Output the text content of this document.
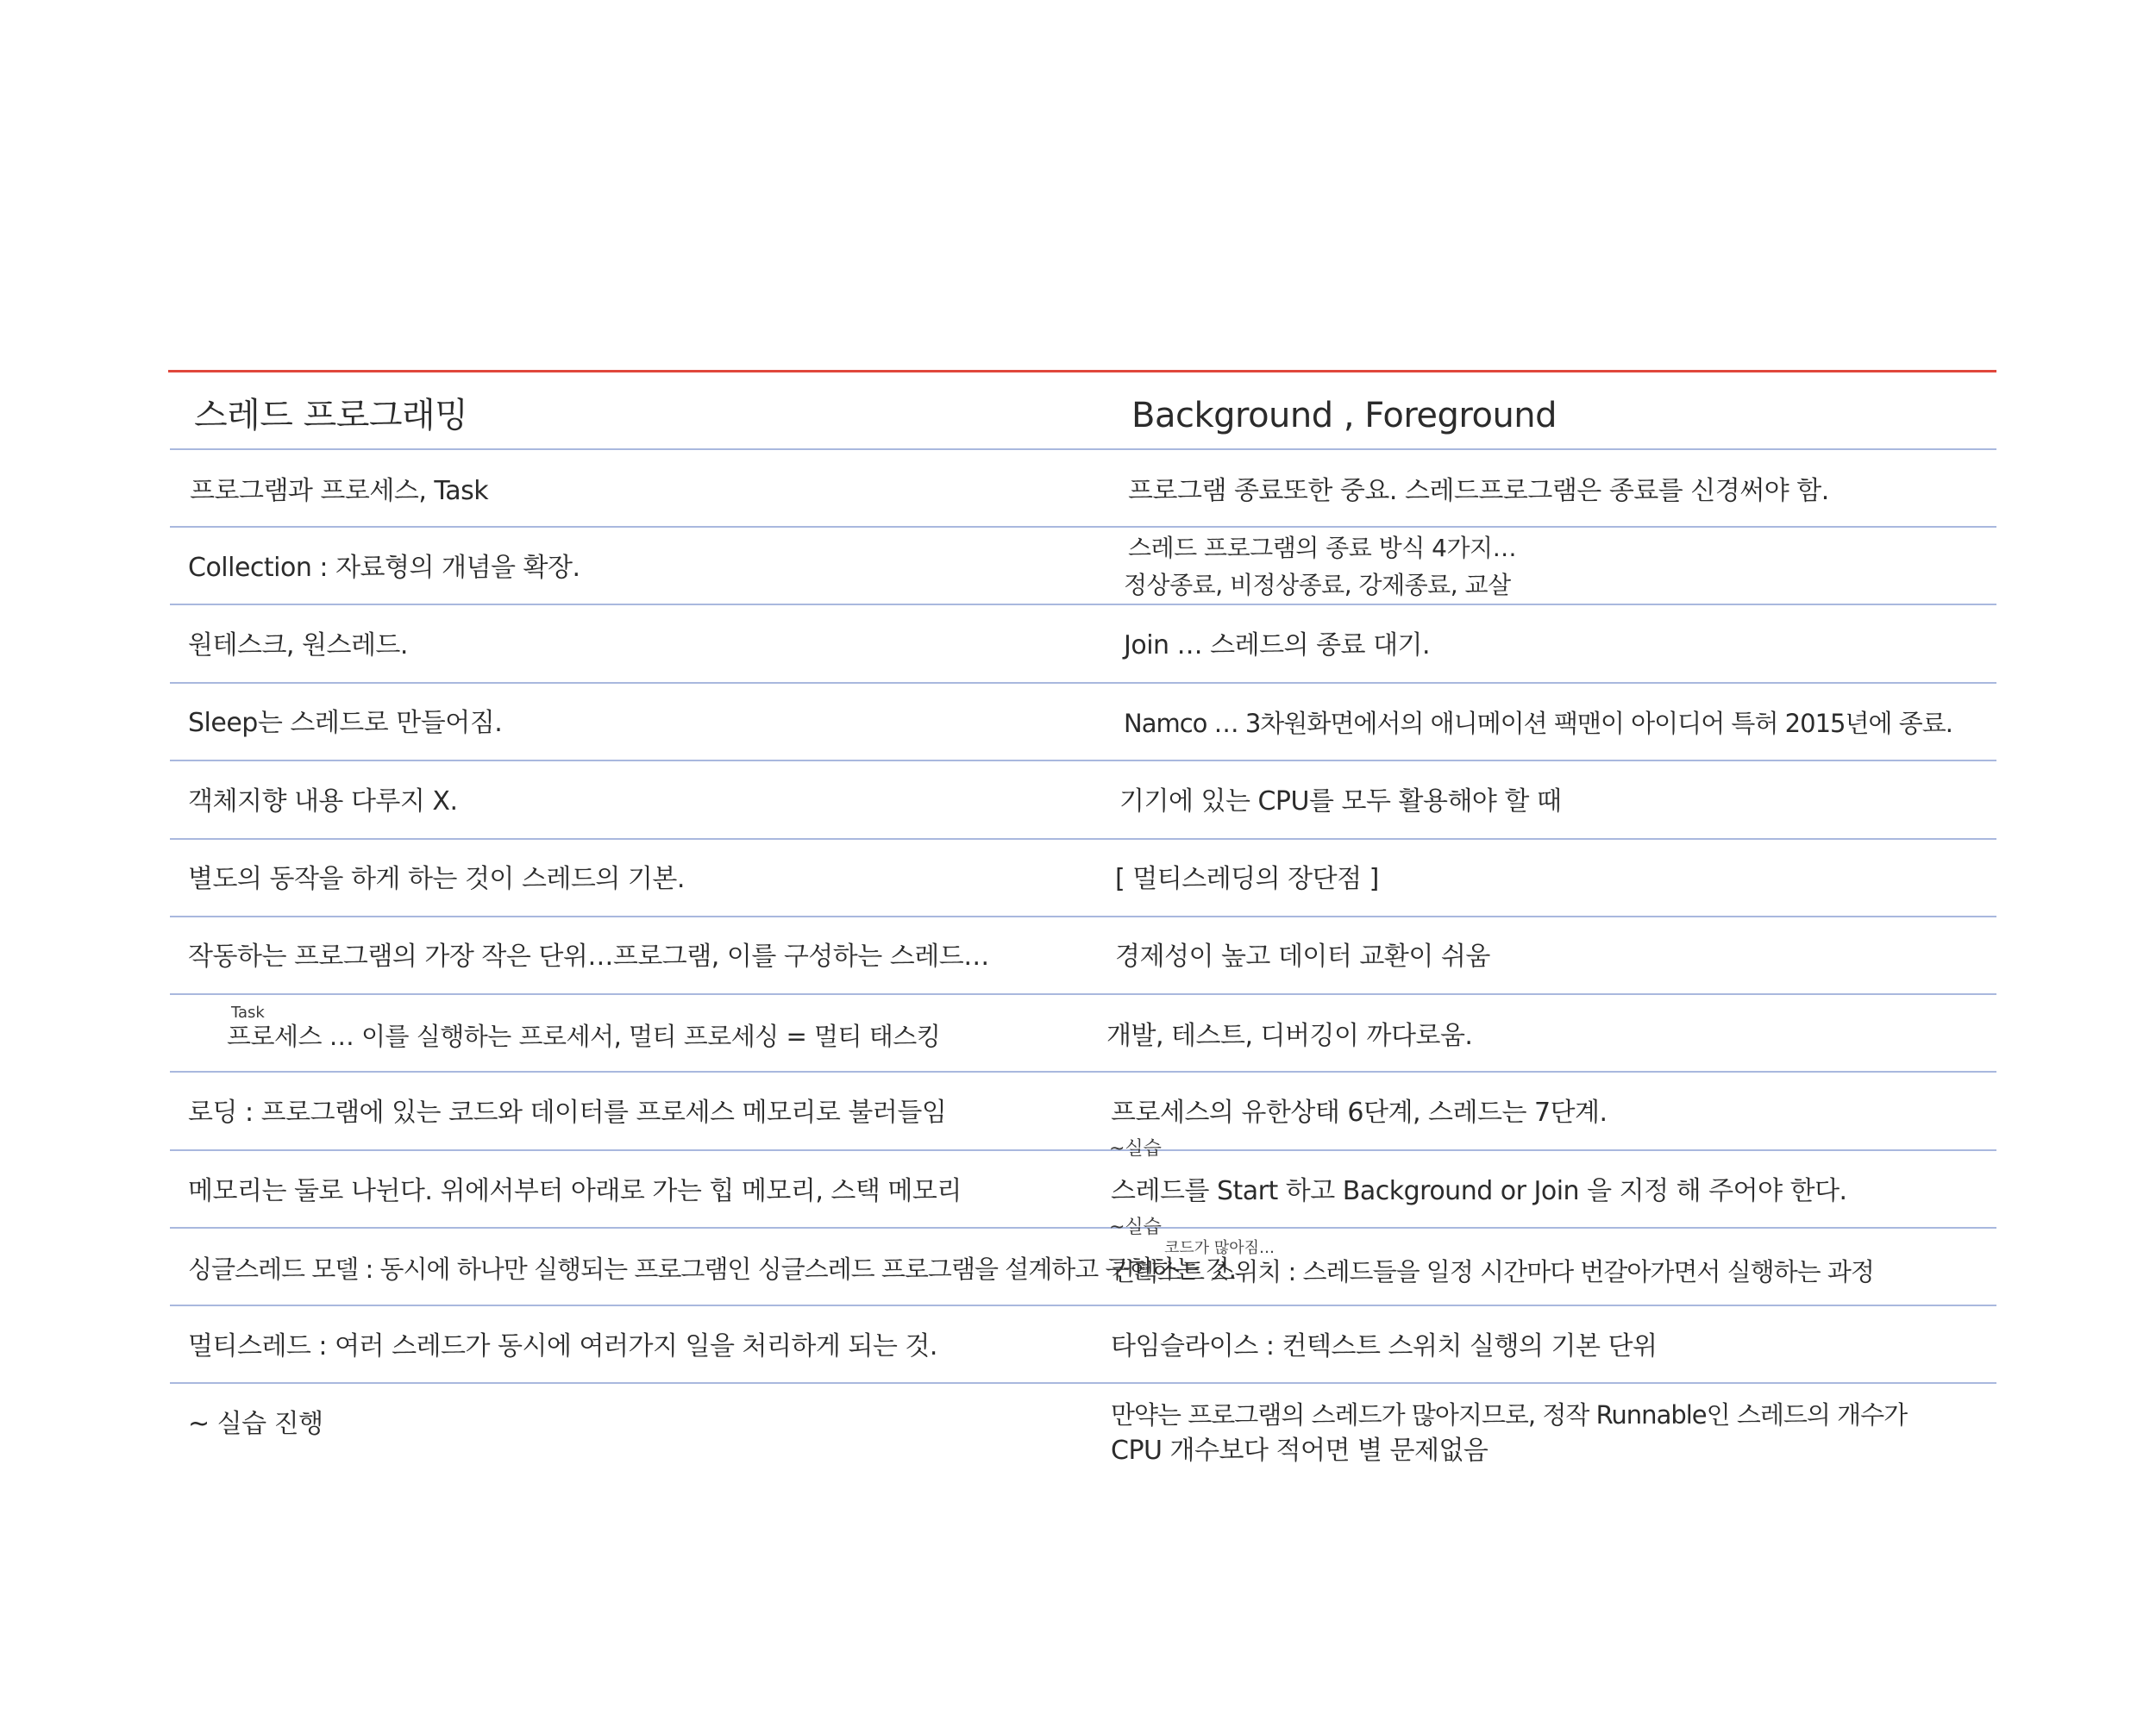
스레드 프로그래밍
프로그램과 프로세스, Task
Collection : 자료형의 개념을 확장.
원테스크, 원스레드.
Sleep는 스레드로 만들어짐.
객체지향 내용 다루지 X.
별도의 동작을 하게 하는 것이 스레드의 기본.
작동하는 프로그램의 가장 작은 단위…프로그램, 이를 구성하는 스레드…
Task
프로세스 … 이를 실행하는 프로세서, 멀티 프로세싱 = 멀티 태스킹
로딩 : 프로그램에 있는 코드와 데이터를 프로세스 메모리로 불러들임
메모리는 둘로 나뉜다. 위에서부터 아래로 가는 힙 메모리, 스택 메모리
싱글스레드 모델 : 동시에 하나만 실행되는 프로그램인 싱글스레드 프로그램을 설계하고 구현하는 것.
멀티스레드 : 여러 스레드가 동시에 여러가지 일을 처리하게 되는 것.
~ 실습 진행
Background , Foreground
프로그램 종료또한 중요. 스레드프로그램은 종료를 신경써야 함.
스레드 프로그램의 종료 방식 4가지…
정상종료, 비정상종료, 강제종료, 교살
Join … 스레드의 종료 대기.
Namco … 3차원화면에서의 애니메이션 팩맨이 아이디어 특허 2015년에 종료.
기기에 있는 CPU를 모두 활용해야 할 때
[ 멀티스레딩의 장단점 ]
경제성이 높고 데이터 교환이 쉬움
개발, 테스트, 디버깅이 까다로움.
프로세스의 유한상태 6단계, 스레드는 7단계.
~실습
스레드를 Start 하고 Background or Join 을 지정 해 주어야 한다.
~실습
코드가 많아짐…
컨텍스트 스위치 : 스레드들을 일정 시간마다 번갈아가면서 실행하는 과정
타임슬라이스 : 컨텍스트 스위치 실행의 기본 단위
만약는 프로그램의 스레드가 많아지므로, 정작 Runnable인 스레드의 개수가
CPU 개수보다 적어면 별 문제없음
